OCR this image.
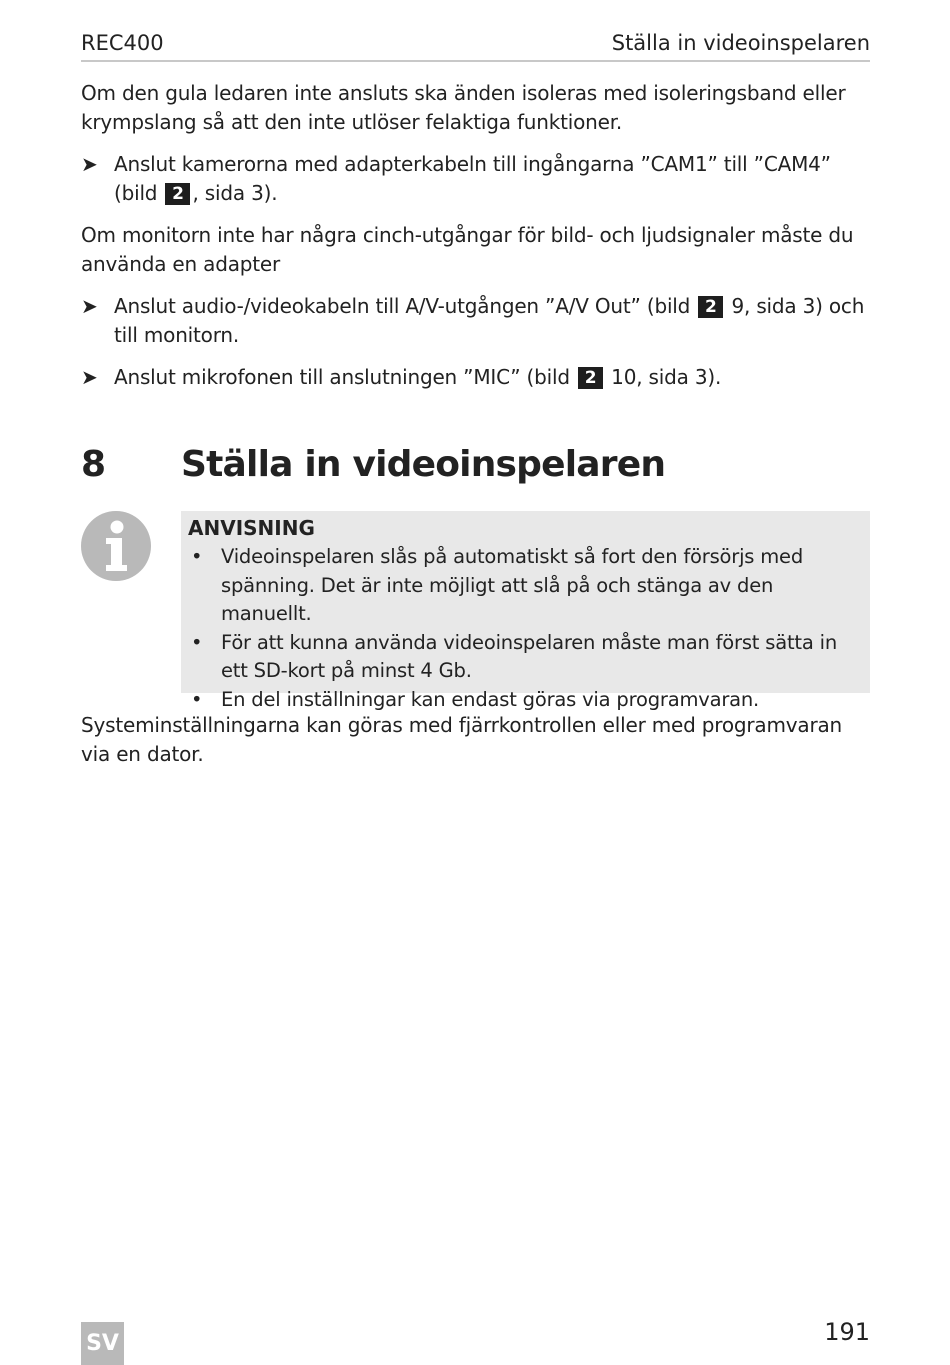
REC400	Ställa in videoinspelaren
Om den gula ledaren inte ansluts ska änden isoleras med isoleringsband eller krympslang så att den inte utlöser felaktiga funktioner.
➤ Anslut kamerorna med adapterkabeln till ingångarna ”CAM1” till ”CAM4” (bild 2 , sida 3).
Om monitorn inte har några cinch-utgångar för bild- och ljudsignaler måste du använda en adapter
➤ Anslut audio-/videokabeln till A/V-utgången ”A/V Out” (bild 2 9, sida 3) och till monitorn.
➤ Anslut mikrofonen till anslutningen ”MIC” (bild 2 10, sida 3).
8 Ställa in videoinspelaren
ANVISNING
• Videoinspelaren slås på automatiskt så fort den försörjs med spänning. Det är inte möjligt att slå på och stänga av den manuellt.
• För att kunna använda videoinspelaren måste man först sätta in ett SD-kort på minst 4 Gb.
• En del inställningar kan endast göras via programvaran.
Systeminställningarna kan göras med fjärrkontrollen eller med programvaran via en dator.
SV	191
